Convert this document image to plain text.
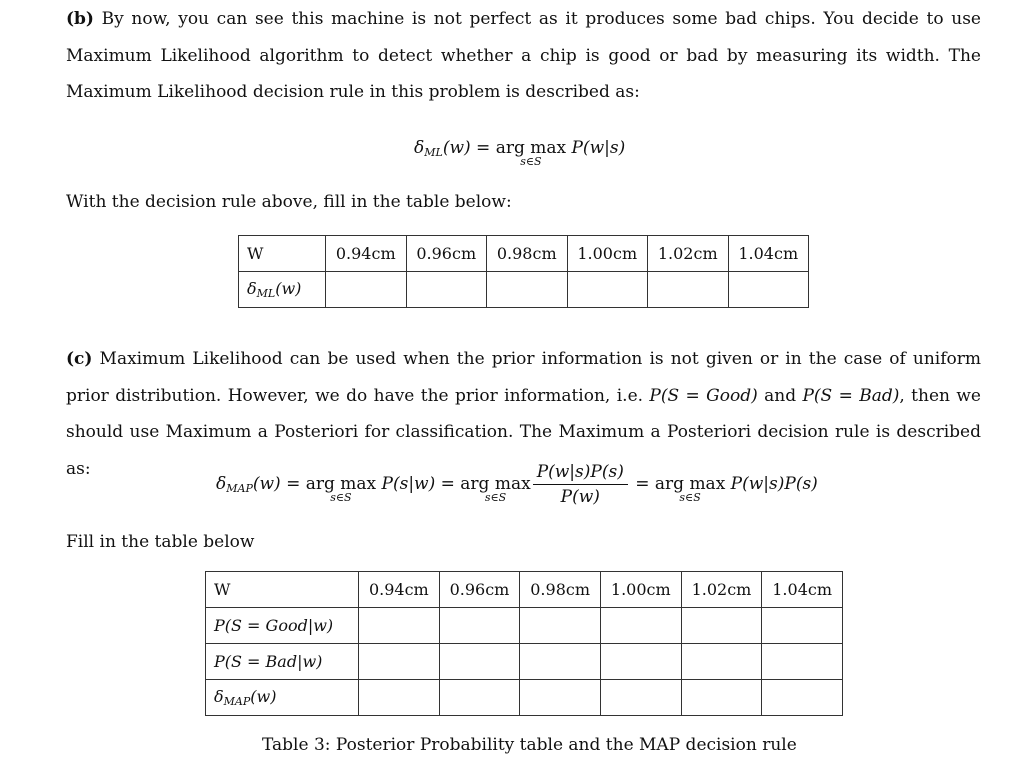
(b) By now, you can see this machine is not perfect as it produces some bad chips. You decide to use Maximum Likelihood algorithm to detect whether a chip is good or bad by measuring its width. The Maximum Likelihood decision rule in this problem is described as:

$\delta_{ML}(w)$ = arg max
s∈S
P(w|s)
With the decision rule above, fill in the table below:
W	0.94cm	0.96cm	0.98cm	1.00cm	1.02cm	1.04cm
$\delta_{ML}(w)$						

(c) Maximum Likelihood can be used when the prior information is not given or in the case of uniform prior distribution. However, we do have the prior information, i.e. P(S = Good) and P(S = Bad), then we should use Maximum a Posteriori for classification. The Maximum a Posteriori decision rule is described as:

$\delta_{MAP}(w)$ = arg max
s∈S
P(s|w) = arg max
s∈S $\frac{P(w|s)P(s)}{P(w)}$ = arg max
s∈S
P(w|s)P(s)
Fill in the table below
W	0.94cm	0.96cm	0.98cm	1.00cm	1.02cm	1.04cm
P(S = Good|w)						
P(S = Bad|w)						
$\delta_{MAP}(w)$						
Table 3: Posterior Probability table and the MAP decision rule
